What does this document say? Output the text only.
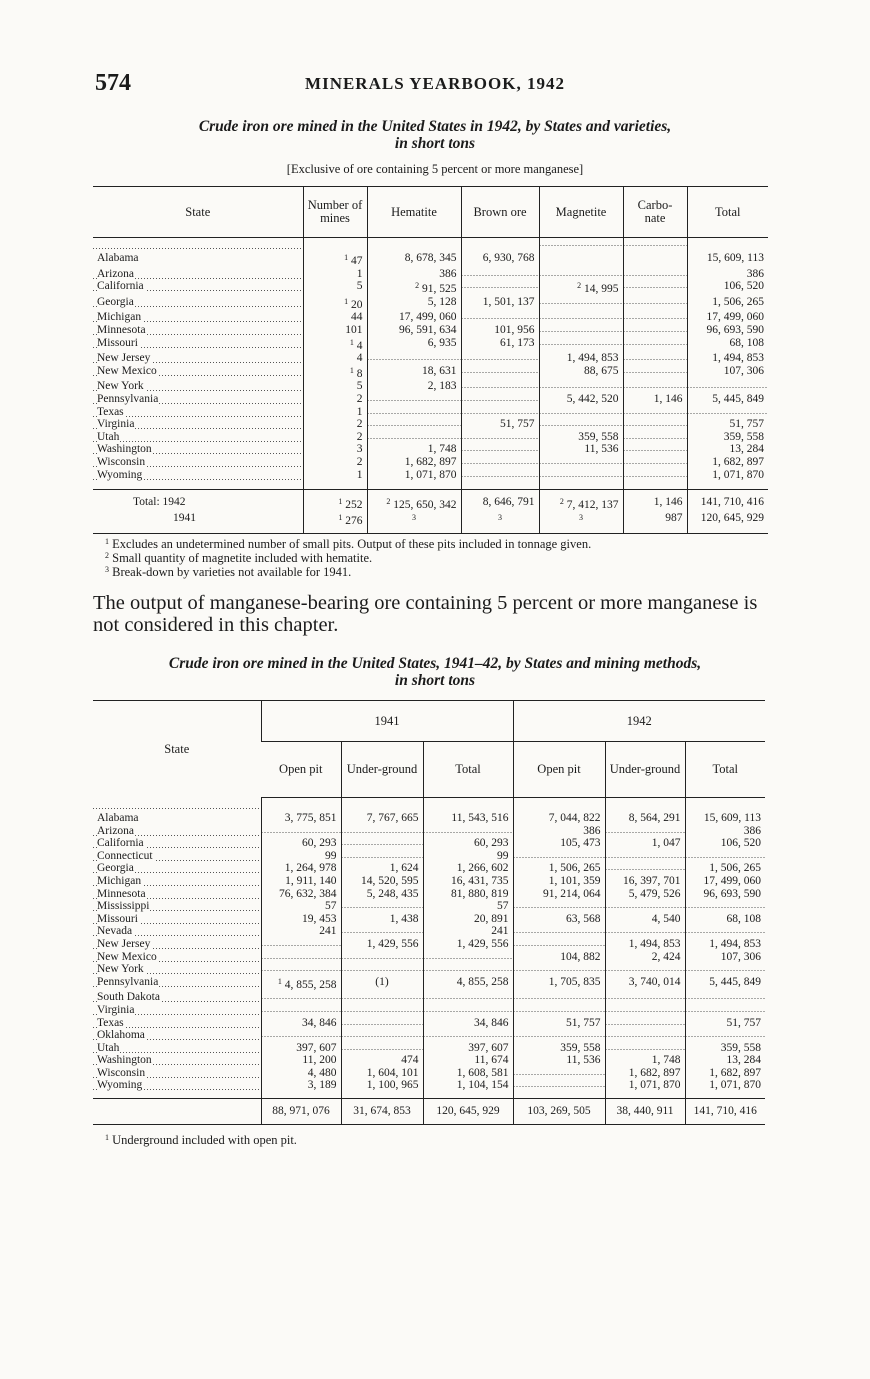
574	MINERALS YEARBOOK, 1942
Crude iron ore mined in the United States in 1942, by States and varieties,
in short tons
[Exclusive of ore containing 5 percent or more manganese]
State	Number of mines	Hematite	Brown ore	Magnetite	Carbo-nate	Total
Alabama	$^1$ 47	8, 678, 345	6, 930, 768			15, 609, 113
Arizona	1	386				386
California	5	$^2$ 91, 525		$^2$ 14, 995		106, 520
Georgia	$^1$ 20	5, 128	1, 501, 137			1, 506, 265
Michigan	44	17, 499, 060				17, 499, 060
Minnesota	101	96, 591, 634	101, 956			96, 693, 590
Missouri	$^1$ 4	6, 935	61, 173			68, 108
New Jersey	4			1, 494, 853		1, 494, 853
New Mexico	$^1$ 8	18, 631		88, 675		107, 306
New York	5	2, 183				
Pennsylvania	2			5, 442, 520	1, 146	5, 445, 849
Texas	1					
Virginia	2		51, 757			51, 757
Utah	2			359, 558		359, 558
Washington	3	1, 748		11, 536		13, 284
Wisconsin	2	1, 682, 897				1, 682, 897
Wyoming	1	1, 071, 870				1, 071, 870
Total: 1942	$^1$ 252	$^2$ 125, 650, 342	8, 646, 791	$^2$ 7, 412, 137	1, 146	141, 710, 416
1941	$^1$ 276	$^3$	$^3$	$^3$	987	120, 645, 929
$^1$ Excludes an undetermined number of small pits. Output of these pits included in tonnage given.
$^2$ Small quantity of magnetite included with hematite.
$^3$ Break-down by varieties not available for 1941.
The output of manganese-bearing ore containing 5 percent or more manganese is not considered in this chapter.
Crude iron ore mined in the United States, 1941–42, by States and mining methods,
in short tons
State	1941			1942		
	Open pit	Under-ground	Total	Open pit	Under-ground	Total
Alabama	3, 775, 851	7, 767, 665	11, 543, 516	7, 044, 822	8, 564, 291	15, 609, 113
Arizona				386		386
California	60, 293		60, 293	105, 473	1, 047	106, 520
Connecticut	99		99			
Georgia	1, 264, 978	1, 624	1, 266, 602	1, 506, 265		1, 506, 265
Michigan	1, 911, 140	14, 520, 595	16, 431, 735	1, 101, 359	16, 397, 701	17, 499, 060
Minnesota	76, 632, 384	5, 248, 435	81, 880, 819	91, 214, 064	5, 479, 526	96, 693, 590
Mississippi	57		57			
Missouri	19, 453	1, 438	20, 891	63, 568	4, 540	68, 108
Nevada	241		241			
New Jersey		1, 429, 556	1, 429, 556		1, 494, 853	1, 494, 853
New Mexico				104, 882	2, 424	107, 306
New York						
Pennsylvania	$^1$ 4, 855, 258	(1)	4, 855, 258	1, 705, 835	3, 740, 014	5, 445, 849
South Dakota						
Virginia						
Texas	34, 846		34, 846	51, 757		51, 757
Oklahoma						
Utah	397, 607		397, 607	359, 558		359, 558
Washington	11, 200	474	11, 674	11, 536	1, 748	13, 284
Wisconsin	4, 480	1, 604, 101	1, 608, 581		1, 682, 897	1, 682, 897
Wyoming	3, 189	1, 100, 965	1, 104, 154		1, 071, 870	1, 071, 870
	88, 971, 076	31, 674, 853	120, 645, 929	103, 269, 505	38, 440, 911	141, 710, 416
$^1$ Underground included with open pit.
